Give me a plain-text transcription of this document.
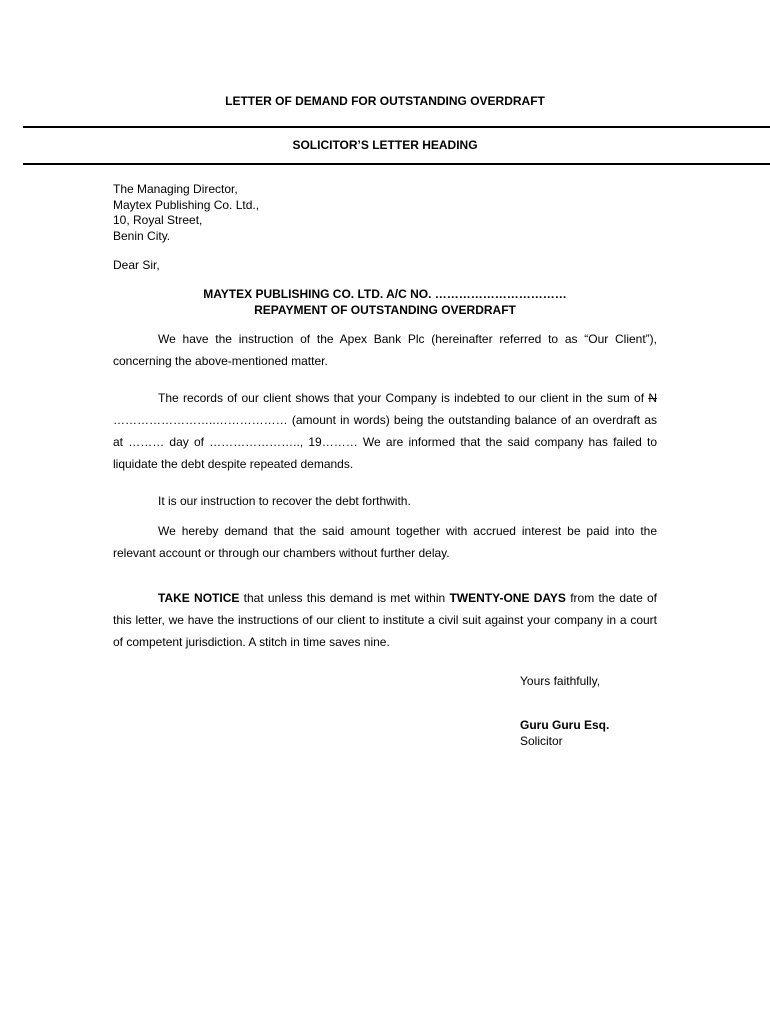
LETTER OF DEMAND FOR OUTSTANDING OVERDRAFT
SOLICITOR’S LETTER HEADING
The Managing Director,
Maytex Publishing Co. Ltd.,
10, Royal Street,
Benin City.
Dear Sir,
MAYTEX PUBLISHING CO. LTD. A/C NO. ……………………………
REPAYMENT OF OUTSTANDING OVERDRAFT

We have the instruction of the Apex Bank Plc (hereinafter referred to as “Our Client”), concerning the above-mentioned matter.

The records of our client shows that your Company is indebted to our client in the sum of N ……………………..……………… (amount in words) being the outstanding balance of an overdraft as at ……… day of ………………….., 19……… We are informed that the said company has failed to liquidate the debt despite repeated demands.

It is our instruction to recover the debt forthwith.

We hereby demand that the said amount together with accrued interest be paid into the relevant account or through our chambers without further delay.

TAKE NOTICE that unless this demand is met within TWENTY-ONE DAYS from the date of this letter, we have the instructions of our client to institute a civil suit against your company in a court of competent jurisdiction. A stitch in time saves nine.

Yours faithfully,
Guru Guru Esq.
Solicitor
